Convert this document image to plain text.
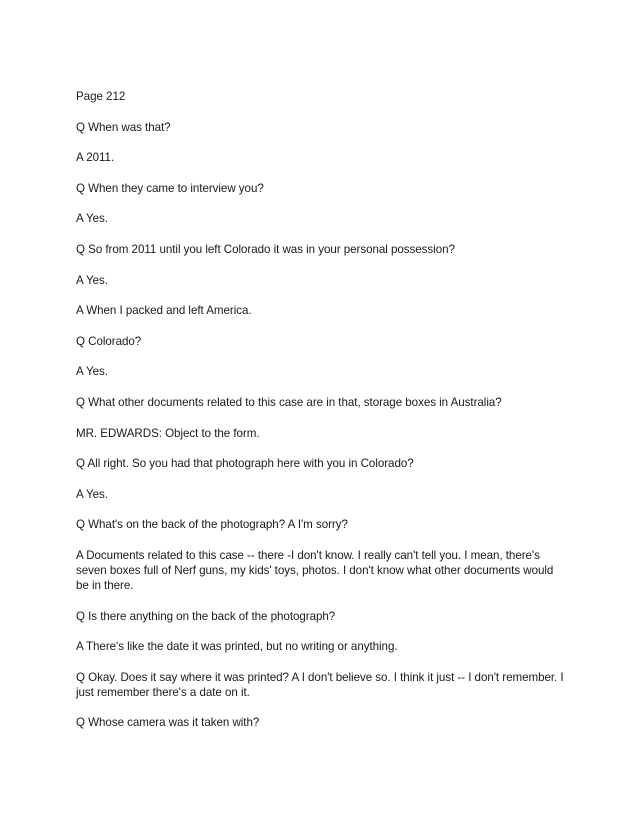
Page 212

Q When was that?

A 2011.

Q When they came to interview you?

A Yes.

Q So from 2011 until you left Colorado it was in your personal possession?

A Yes.

A When I packed and left America.

Q Colorado?

A Yes.

Q What other documents related to this case are in that, storage boxes in Australia?

MR. EDWARDS: Object to the form.

Q All right. So you had that photograph here with you in Colorado?

A Yes.

Q What's on the back of the photograph? A I'm sorry?

A Documents related to this case -- there -I don't know. I really can't tell you. I mean, there's seven boxes full of Nerf guns, my kids' toys, photos. I don't know what other documents would be in there.

Q Is there anything on the back of the photograph?

A There's like the date it was printed, but no writing or anything.

Q Okay. Does it say where it was printed? A I don't believe so. I think it just -- I don't remember. I just remember there's a date on it.

Q Whose camera was it taken with?
